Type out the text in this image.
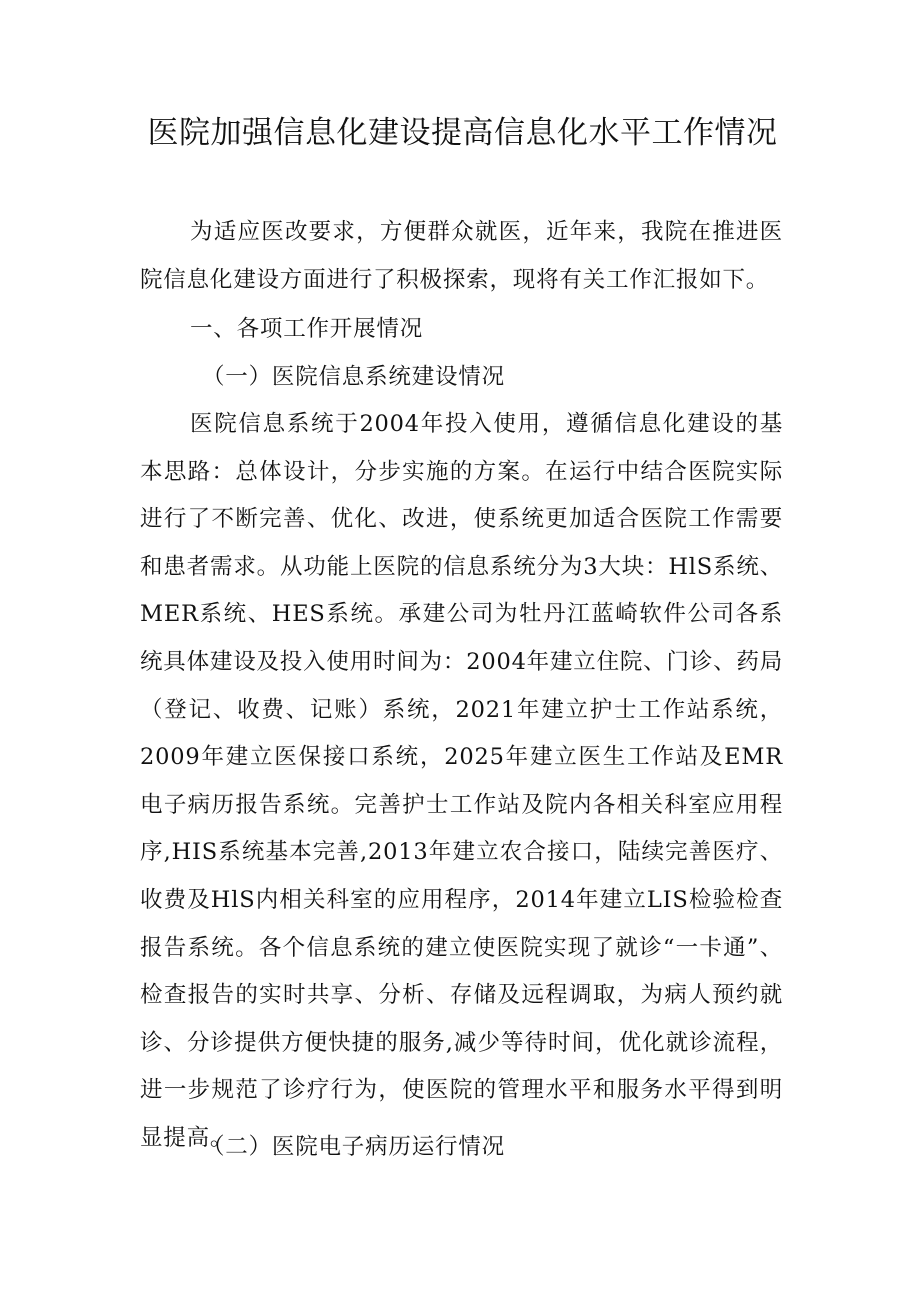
医院加强信息化建设提高信息化水平工作情况

为适应医改要求，方便群众就医，近年来，我院在推进医院信息化建设方面进行了积极探索，现将有关工作汇报如下。

一、各项工作开展情况
（一）医院信息系统建设情况

医院信息系统于2004年投入使用，遵循信息化建设的基本思路：总体设计，分步实施的方案。在运行中结合医院实际进行了不断完善、优化、改进，使系统更加适合医院工作需要和患者需求。从功能上医院的信息系统分为3大块：HlS系统、MER系统、HES系统。承建公司为牡丹江蓝崎软件公司各系统具体建设及投入使用时间为：2004年建立住院、门诊、药局（登记、收费、记账）系统，2021年建立护士工作站系统，2009年建立医保接口系统，2025年建立医生工作站及EMR电子病历报告系统。完善护士工作站及院内各相关科室应用程序,HIS系统基本完善,2013年建立农合接口，陆续完善医疗、收费及HlS内相关科室的应用程序，2014年建立LIS检验检查报告系统。各个信息系统的建立使医院实现了就诊“一卡通”、检查报告的实时共享、分析、存储及远程调取，为病人预约就诊、分诊提供方便快捷的服务,减少等待时间，优化就诊流程，进一步规范了诊疗行为，使医院的管理水平和服务水平得到明显提高。

（二）医院电子病历运行情况
